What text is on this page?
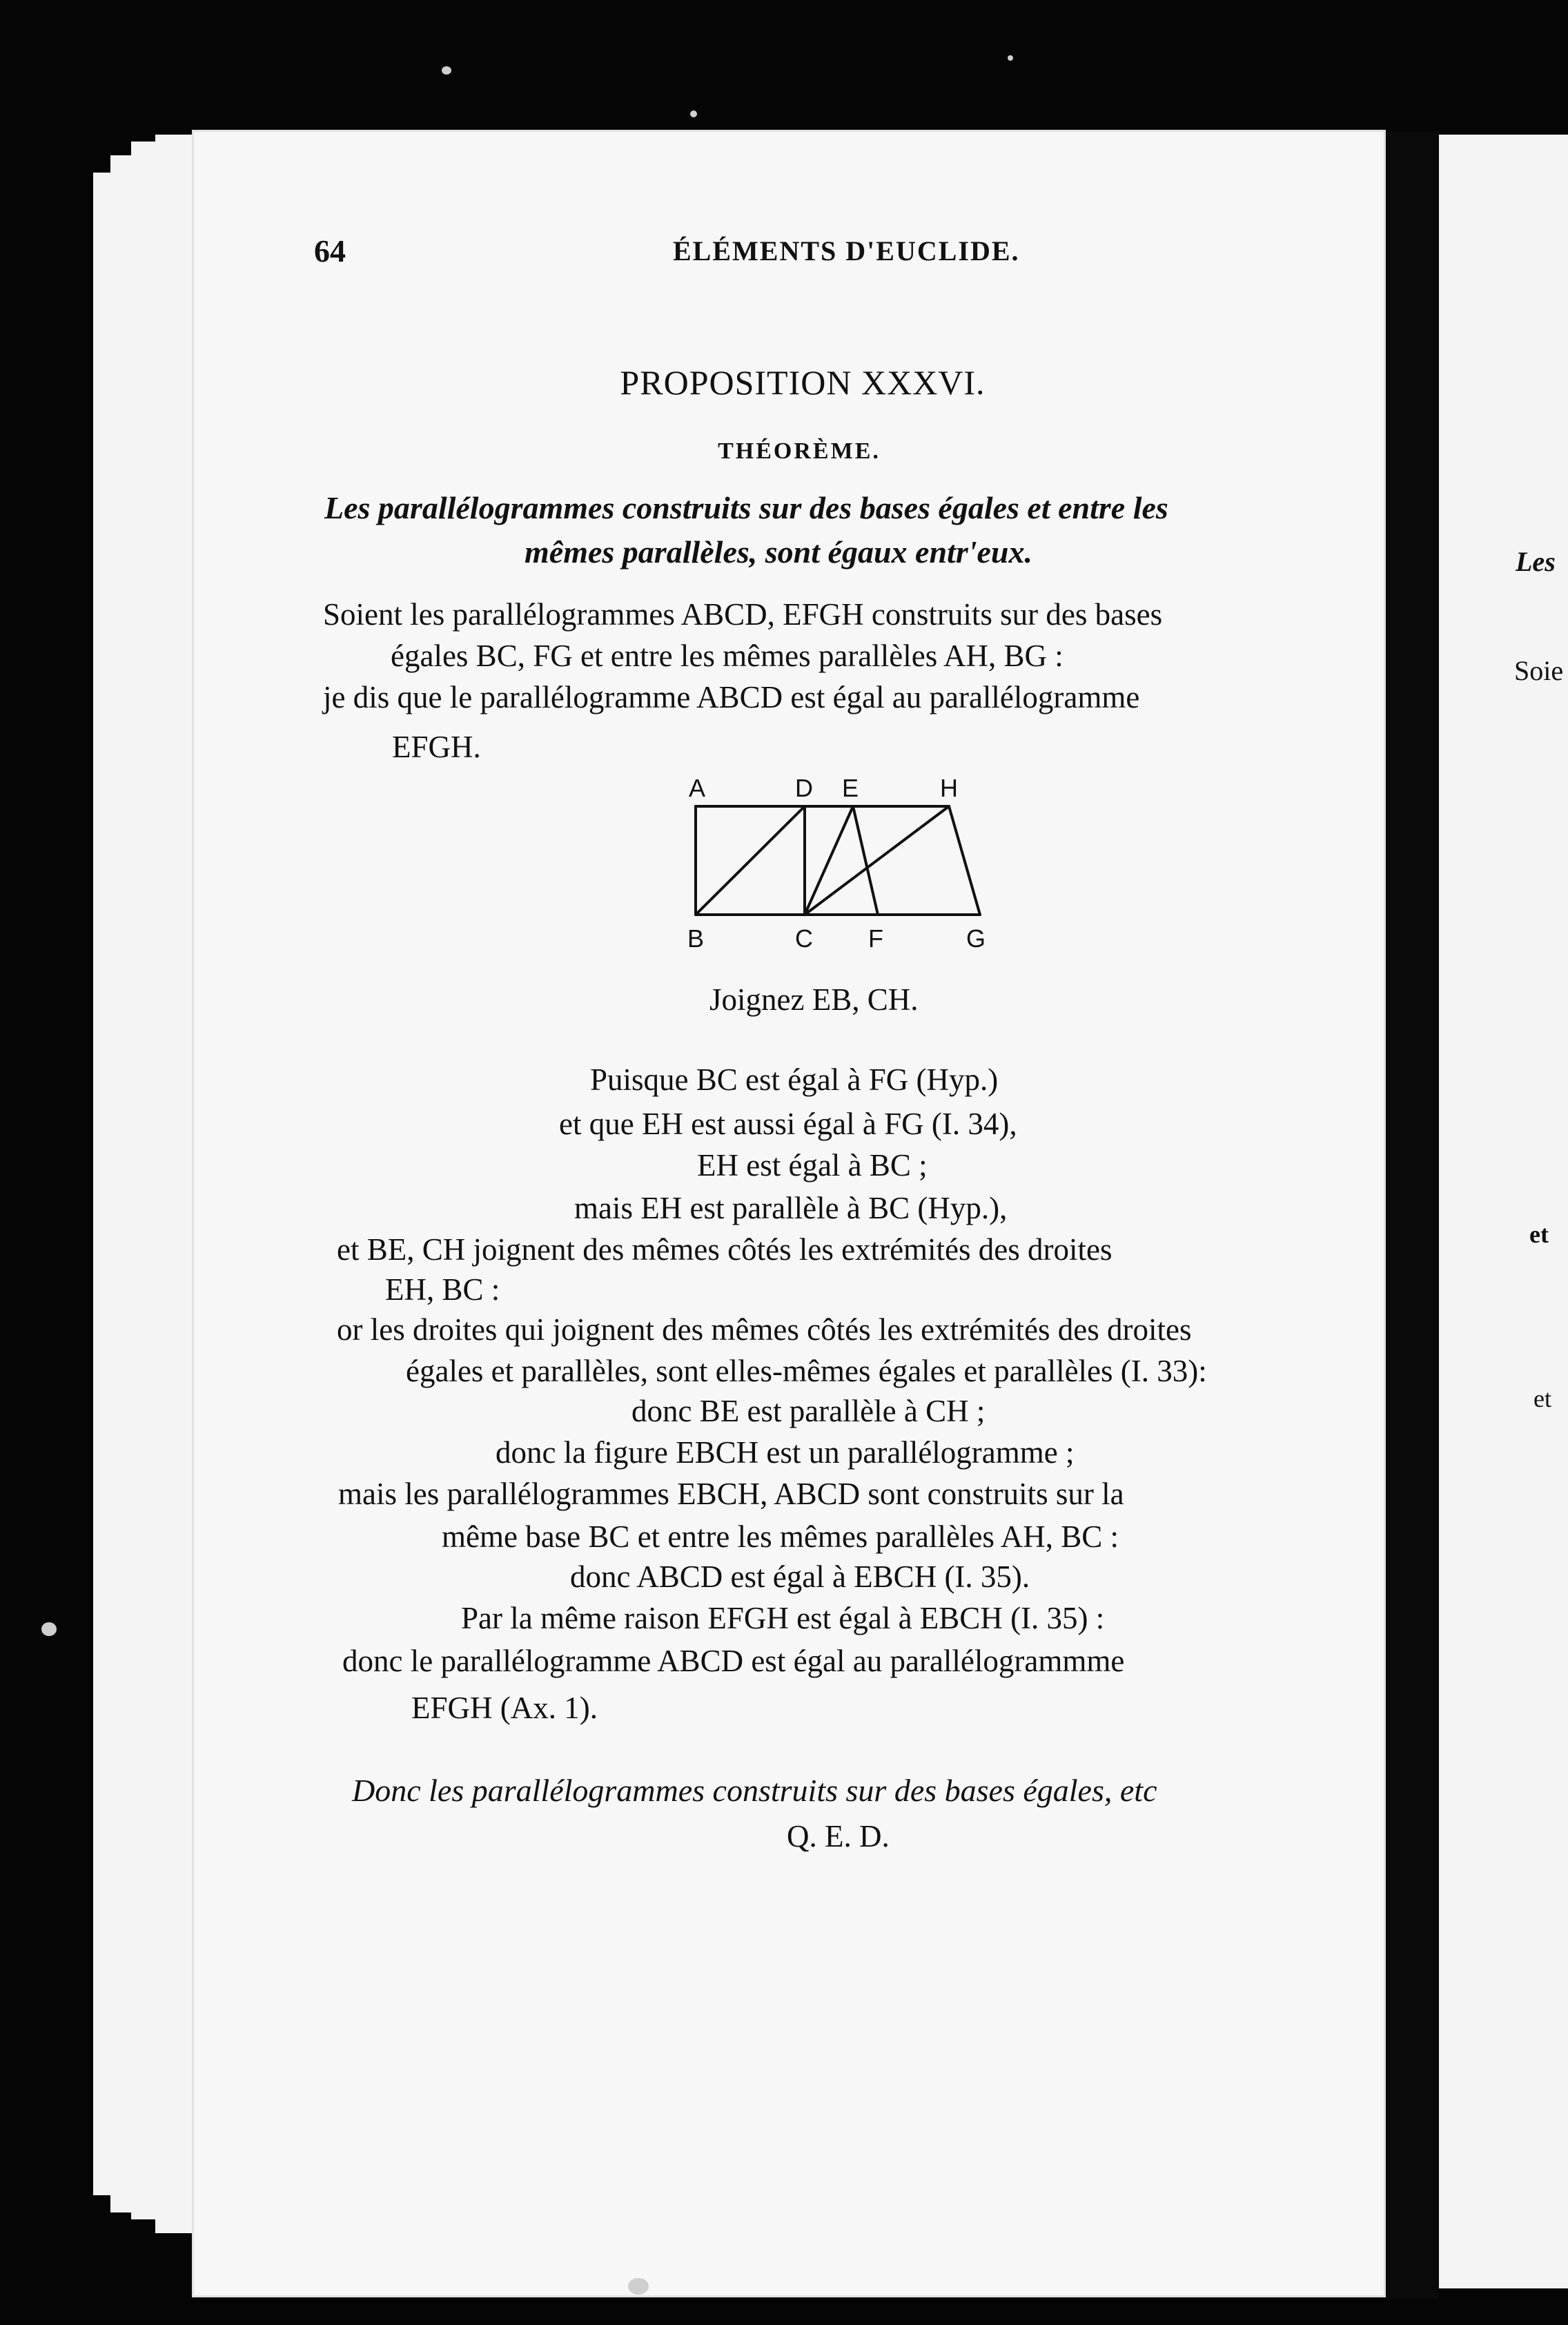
64	ÉLÉMENTS D'EUCLIDE.
PROPOSITION XXXVI.
THÉORÈME.
Les parallélogrammes construits sur des bases égales et entre les
mêmes parallèles, sont égaux entr'eux.
Soient les parallélogrammes ABCD, EFGH construits sur des bases
égales BC, FG et entre les mêmes parallèles AH, BG :
je dis que le parallélogramme ABCD est égal au parallélogramme
EFGH.
A	D E	H
B	C F	G
Joignez EB, CH.
Puisque BC est égal à FG (Hyp.)
et que EH est aussi égal à FG (I. 34),
EH est égal à BC ;
mais EH est parallèle à BC (Hyp.),
et BE, CH joignent des mêmes côtés les extrémités des droites
EH, BC :
or les droites qui joignent des mêmes côtés les extrémités des droites
égales et parallèles, sont elles-mêmes égales et parallèles (I. 33):
donc BE est parallèle à CH ;
donc la figure EBCH est un parallélogramme ;
mais les parallélogrammes EBCH, ABCD sont construits sur la
même base BC et entre les mêmes parallèles AH, BC :
donc ABCD est égal à EBCH (I. 35).
Par la même raison EFGH est égal à EBCH (I. 35) :
donc le parallélogramme ABCD est égal au parallélogrammme
EFGH (Ax. 1).
Donc les parallélogrammes construits sur des bases égales, etc
Q. E. D.
Les
Soie
et
et
